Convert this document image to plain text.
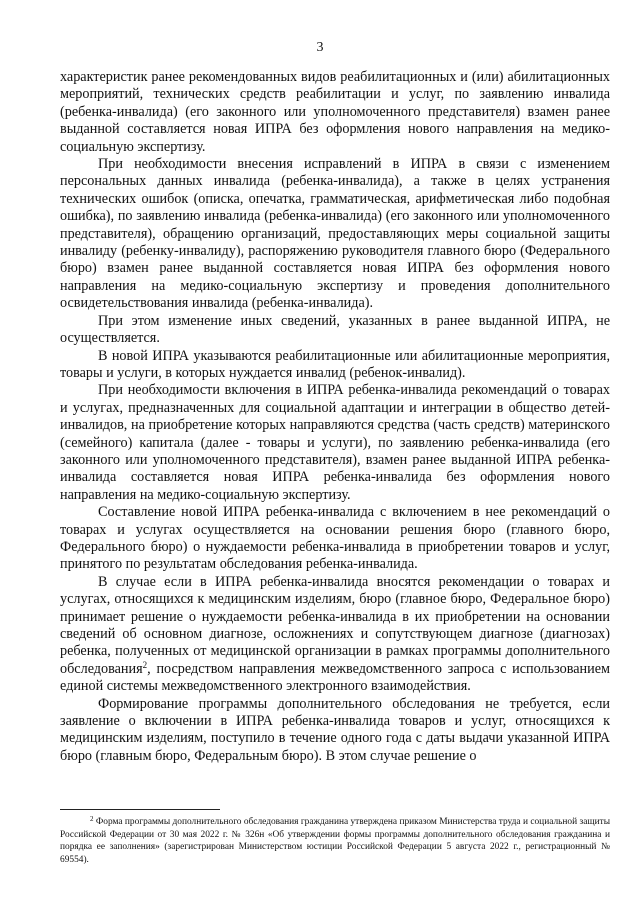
3

характеристик ранее рекомендованных видов реабилитационных и (или) абилитационных мероприятий, технических средств реабилитации и услуг, по заявлению инвалида (ребенка-инвалида) (его законного или уполномоченного представителя) взамен ранее выданной составляется новая ИПРА без оформления нового направления на медико-социальную экспертизу.

При необходимости внесения исправлений в ИПРА в связи с изменением персональных данных инвалида (ребенка-инвалида), а также в целях устранения технических ошибок (описка, опечатка, грамматическая, арифметическая либо подобная ошибка), по заявлению инвалида (ребенка-инвалида) (его законного или уполномоченного представителя), обращению организаций, предоставляющих меры социальной защиты инвалиду (ребенку-инвалиду), распоряжению руководителя главного бюро (Федерального бюро) взамен ранее выданной составляется новая ИПРА без оформления нового направления на медико-социальную экспертизу и проведения дополнительного освидетельствования инвалида (ребенка-инвалида).

При этом изменение иных сведений, указанных в ранее выданной ИПРА, не осуществляется.

В новой ИПРА указываются реабилитационные или абилитационные мероприятия, товары и услуги, в которых нуждается инвалид (ребенок-инвалид).

При необходимости включения в ИПРА ребенка-инвалида рекомендаций о товарах и услугах, предназначенных для социальной адаптации и интеграции в общество детей-инвалидов, на приобретение которых направляются средства (часть средств) материнского (семейного) капитала (далее - товары и услуги), по заявлению ребенка-инвалида (его законного или уполномоченного представителя), взамен ранее выданной ИПРА ребенка-инвалида составляется новая ИПРА ребенка-инвалида без оформления нового направления на медико-социальную экспертизу.

Составление новой ИПРА ребенка-инвалида с включением в нее рекомендаций о товарах и услугах осуществляется на основании решения бюро (главного бюро, Федерального бюро) о нуждаемости ребенка-инвалида в приобретении товаров и услуг, принятого по результатам обследования ребенка-инвалида.

В случае если в ИПРА ребенка-инвалида вносятся рекомендации о товарах и услугах, относящихся к медицинским изделиям, бюро (главное бюро, Федеральное бюро) принимает решение о нуждаемости ребенка-инвалида в их приобретении на основании сведений об основном диагнозе, осложнениях и сопутствующем диагнозе (диагнозах) ребенка, полученных от медицинской организации в рамках программы дополнительного обследования$^2$, посредством направления межведомственного запроса с использованием единой системы межведомственного электронного взаимодействия.

Формирование программы дополнительного обследования не требуется, если заявление о включении в ИПРА ребенка-инвалида товаров и услуг, относящихся к медицинским изделиям, поступило в течение одного года с даты выдачи указанной ИПРА бюро (главным бюро, Федеральным бюро). В этом случае решение о

$^2$ Форма программы дополнительного обследования гражданина утверждена приказом Министерства труда и социальной защиты Российской Федерации от 30 мая 2022 г. № 326н «Об утверждении формы программы дополнительного обследования гражданина и порядка ее заполнения» (зарегистрирован Министерством юстиции Российской Федерации 5 августа 2022 г., регистрационный № 69554).
